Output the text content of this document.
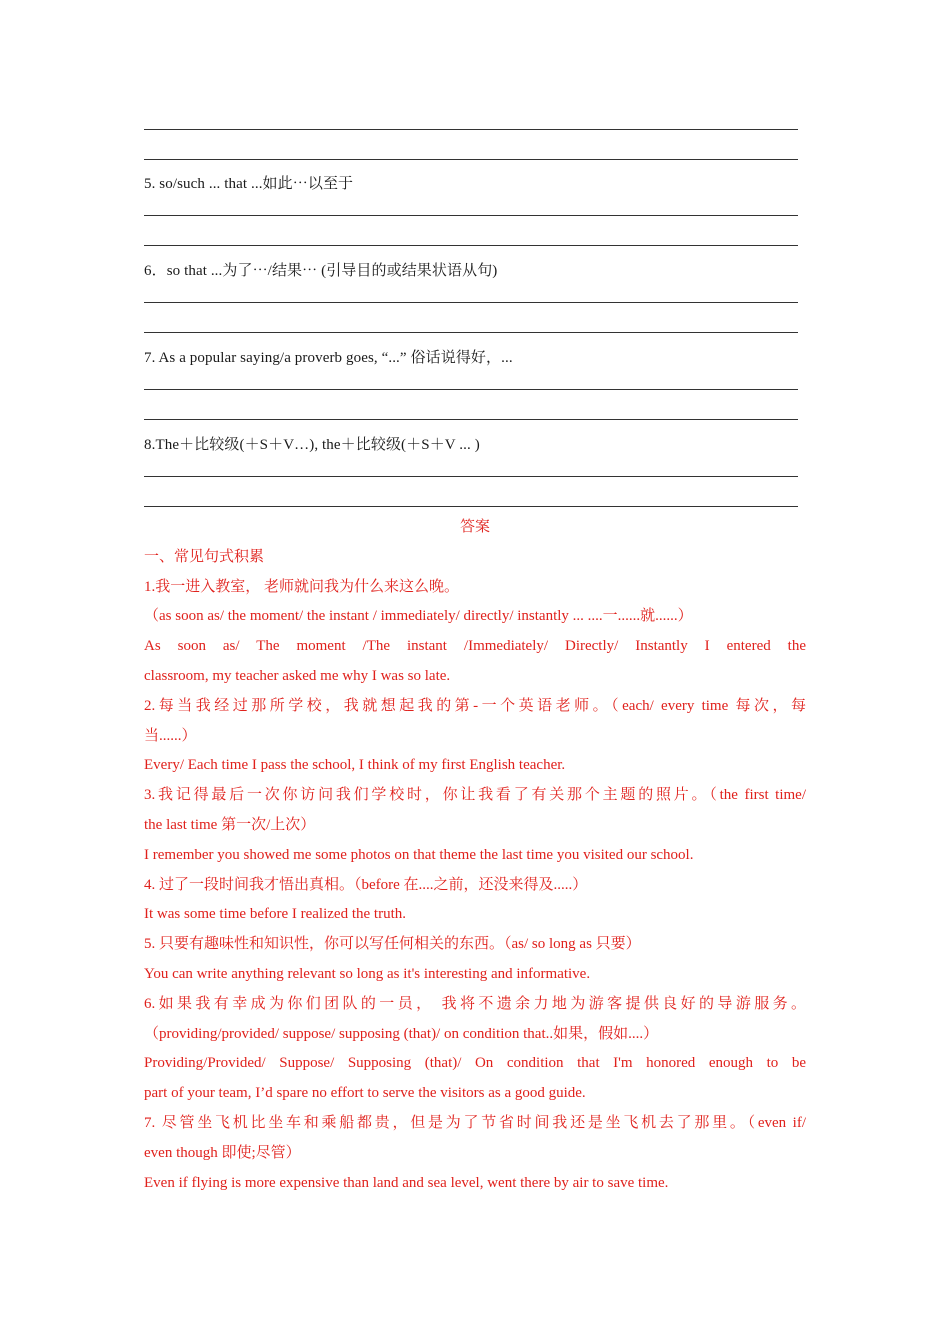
5. so/such ... that ...如此⋯以至于
6．so that ...为了⋯/结果⋯ (引导目的或结果状语从句)
7. As a popular saying/a proverb goes, “...” 俗话说得好，...
8.The＋比较级(＋S＋V…), the＋比较级(＋S＋V ... )
答案
一、常见句式积累
1.我一进入教室， 老师就问我为什么来这么晚。
（as soon as/ the moment/ the instant / immediately/ directly/ instantly ... ....一......就......）
As soon as/ The moment /The instant /Immediately/ Directly/ Instantly I entered the
classroom, my teacher asked me why I was so late.
2.每当我经过那所学校，我就想起我的第-一个英语老师。（each/ every time 每次，每
当......）
Every/ Each time I pass the school, I think of my first English teacher.
3.我记得最后一次你访问我们学校时，你让我看了有关那个主题的照片。（the first time/
the last time 第一次/上次）
I remember you showed me some photos on that theme the last time you visited our school.
4. 过了一段时间我才悟出真相。（before 在....之前，还没来得及.....）
It was some time before I realized the truth.
5. 只要有趣味性和知识性，你可以写任何相关的东西。（as/ so long as 只要）
You can write anything relevant so long as it's interesting and informative.
6.如果我有幸成为你们团队的一员， 我将不遗余力地为游客提供良好的导游服务。
（providing/provided/ suppose/ supposing (that)/ on condition that..如果，假如....）
Providing/Provided/ Suppose/ Supposing (that)/ On condition that I'm honored enough to be
part of your team, I’d spare no effort to serve the visitors as a good guide.
7. 尽管坐飞机比坐车和乘船都贵，但是为了节省时间我还是坐飞机去了那里。（even if/
even though 即使;尽管）
Even if flying is more expensive than land and sea level, went there by air to save time.
